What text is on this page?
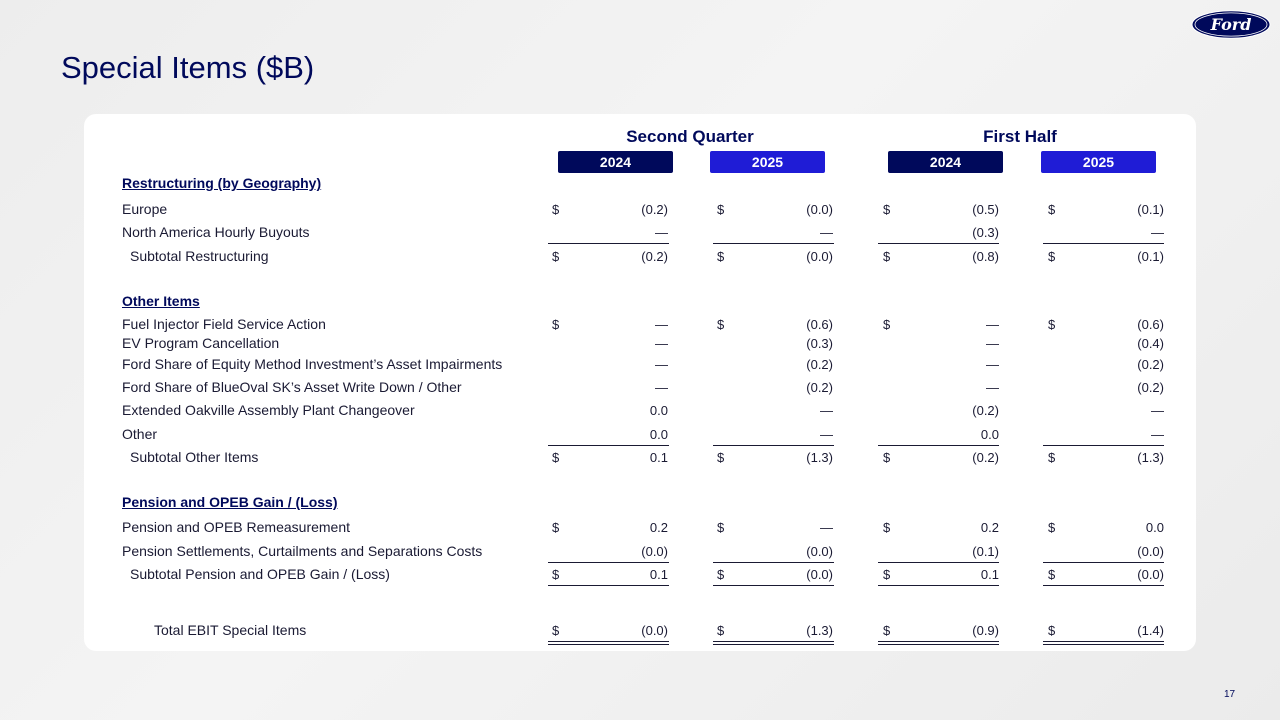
Special Items ($B)
Ford
Second Quarter
2024	2025
First Half
2024	2025
Restructuring (by Geography)
Europe	$	(0.2)	$	(0.0)	$	(0.5)	$	(0.1)
North America Hourly Buyouts	—	—	(0.3)	—
Subtotal Restructuring	$	(0.2)	$	(0.0)	$	(0.8)	$	(0.1)
Other Items
Fuel Injector Field Service Action	$	—	$	(0.6)	$	—	$	(0.6)
EV Program Cancellation	—	(0.3)	—	(0.4)
Ford Share of Equity Method Investment’s Asset Impairments	—	(0.2)	—	(0.2)
Ford Share of BlueOval SK’s Asset Write Down / Other	—	(0.2)	—	(0.2)
Extended Oakville Assembly Plant Changeover	0.0	—	(0.2)	—
Other	0.0	—	0.0	—
Subtotal Other Items	$	0.1	$	(1.3)	$	(0.2)	$	(1.3)
Pension and OPEB Gain / (Loss)
Pension and OPEB Remeasurement	$	0.2	$	—	$	0.2	$	0.0
Pension Settlements, Curtailments and Separations Costs	(0.0)	(0.0)	(0.1)	(0.0)
Subtotal Pension and OPEB Gain / (Loss)	$	0.1	$	(0.0)	$	0.1	$	(0.0)
Total EBIT Special Items	$	(0.0)	$	(1.3)	$	(0.9)	$	(1.4)
17
